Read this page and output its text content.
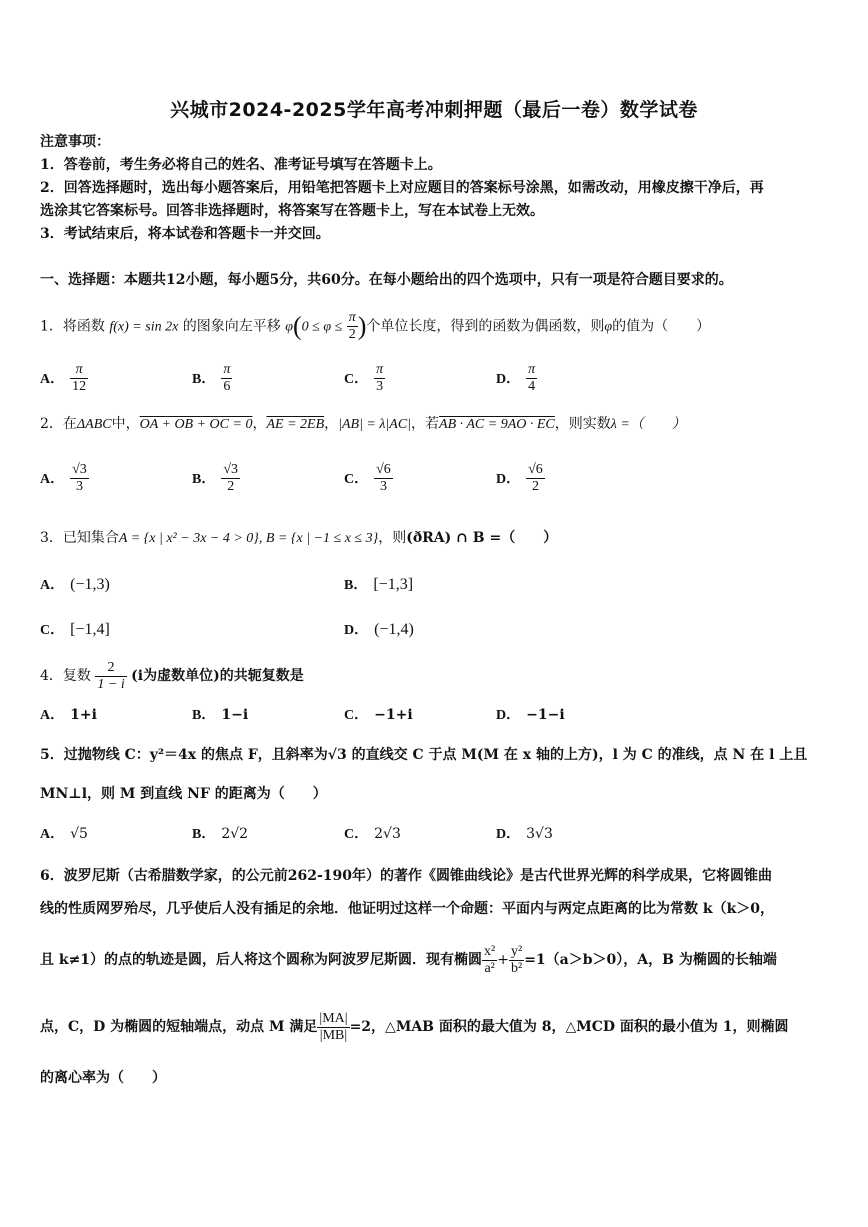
兴城市2024-2025学年高考冲刺押题（最后一卷）数学试卷
注意事项：
1．答卷前，考生务必将自己的姓名、准考证号填写在答题卡上。
2．回答选择题时，选出每小题答案后，用铅笔把答题卡上对应题目的答案标号涂黑，如需改动，用橡皮擦干净后，再
选涂其它答案标号。回答非选择题时，将答案写在答题卡上，写在本试卷上无效。
3．考试结束后，将本试卷和答题卡一并交回。
一、选择题：本题共12小题，每小题5分，共60分。在每小题给出的四个选项中，只有一项是符合题目要求的。
1．将函数 f(x) = sin 2x 的图象向左平移 $\varphi(0 \le \varphi \le \frac{\pi}{2}$ )个单位长度，得到的函数为偶函数，则φ的值为（　　）
A． $\frac{\pi}{12}$	B． $\frac{\pi}{6}$	C． $\frac{\pi}{3}$	D． $\frac{\pi}{4}$
2．在ΔABC中，OA + OB + OC = 0，AE = 2EB，|AB| = λ|AC|，若AB · AC = 9AO · EC，则实数λ =（　　）
A． $\frac{√3}{3}$	B． $\frac{√3}{2}$	C． $\frac{√6}{3}$	D． $\frac{√6}{2}$
3．已知集合A = {x | x² − 3x − 4 > 0}, B = {x | −1 ≤ x ≤ 3}，则(ðRA) ∩ B =（　　）
A． (−1,3)	B． [−1,3]
C． [−1,4]	D． (−1,4)
4．复数 $\frac{2}{1 - i} (i$为虚数单位)的共轭复数是
A． 1+i	B． 1−i	C． −1+i	D． −1−i
5．过抛物线 C：y²＝4x 的焦点 F，且斜率为√3 的直线交 C 于点 M(M 在 x 轴的上方)，l 为 C 的准线，点 N 在 l 上且
MN⊥l，则 M 到直线 NF 的距离为（　　）
A． √5	B． 2√2	C． 2√3	D． 3√3
6．波罗尼斯（古希腊数学家，的公元前262-190年）的著作《圆锥曲线论》是古代世界光辉的科学成果，它将圆锥曲
线的性质网罗殆尽，几乎使后人没有插足的余地．他证明过这样一个命题：平面内与两定点距离的比为常数 k（k＞0，
且 k≠1）的点的轨迹是圆，后人将这个圆称为阿波罗尼斯圆．现有椭圆 $\frac{\text{x²}}{\text{a²}} + \frac{\text{y²}}{\text{b²}} =1(a>b>0)$，A，B 为椭圆的长轴端
点，C，D 为椭圆的短轴端点，动点 M 满足 $\frac{|MA|}{|MB|} =2$，△MAB 面积的最大值为 8，△MCD 面积的最小值为 1，则椭圆
的离心率为（　　）
